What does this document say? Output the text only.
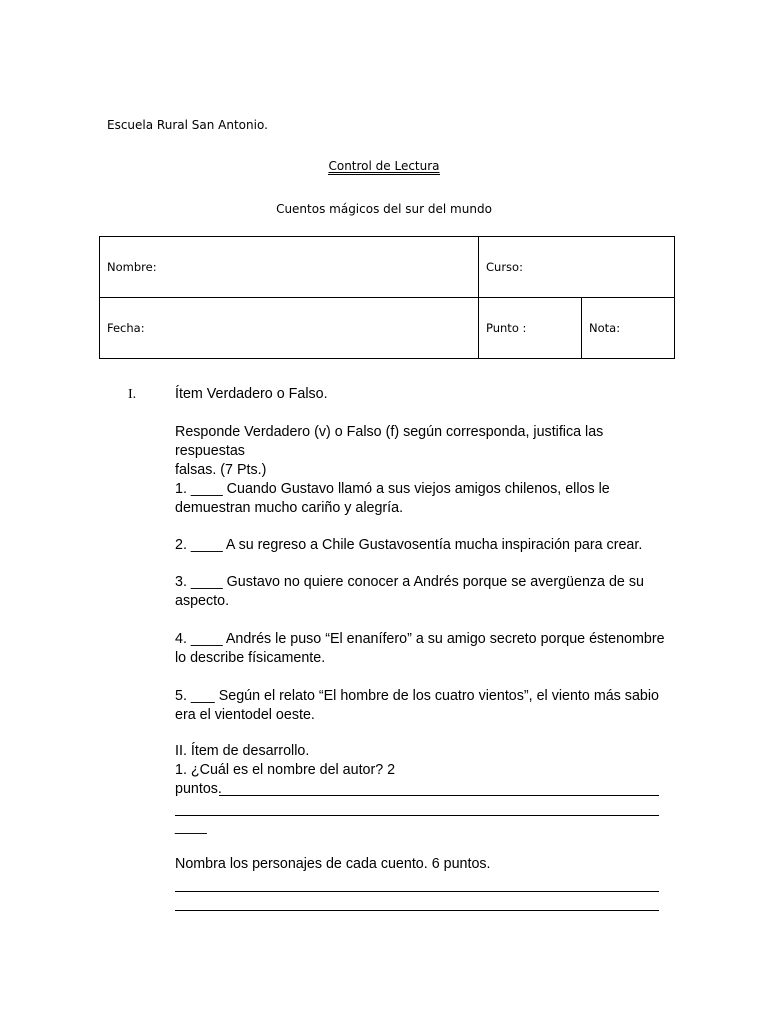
Escuela Rural San Antonio.
Control de Lectura
Cuentos mágicos del sur del mundo
Nombre:	Curso:	
Fecha:	Punto :	Nota:
I.	Ítem Verdadero o Falso.
Responde Verdadero (v) o Falso (f) según corresponda, justifica las respuestas
falsas. (7 Pts.)
1. ____ Cuando Gustavo llamó a sus viejos amigos chilenos, ellos le
demuestran mucho cariño y alegría.
2. ____ A su regreso a Chile Gustavosentía mucha inspiración para crear.
3. ____ Gustavo no quiere conocer a Andrés porque se avergüenza de su
aspecto.
4. ____ Andrés le puso “El enanífero” a su amigo secreto porque éstenombre
lo describe físicamente.
5. ___ Según el relato “El hombre de los cuatro vientos”, el viento más sabio
era el vientodel oeste.
II. Ítem de desarrollo.
1. ¿Cuál es el nombre del autor? 2
puntos.
____
Nombra los personajes de cada cuento. 6 puntos.
